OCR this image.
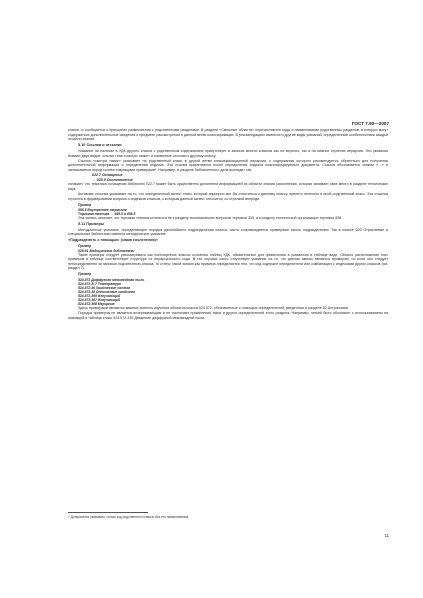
ГОСТ 7.90—2007

классе, и сообщается о принципах размножения с родственными разделами. В разделе «Смежные области» перечисляются коды и наименования родственных разделов, в которых могут содержаться дополнительные сведения о предмете рассмотрения в данной ветви классификации. В рекомендациях имеются и другие виды указаний, определенные особенностями каждой отрасли знания.

5.10 Ссылки и отсылки

Указание на наличие в УДК другого класса с родственным содержанием присутствует в записях многих классов как на верхних, так и на нижних ступенях иерархии. Эти указания бывают двух видов: ссылки типа «смотри также» и косвенные отсылки к другому классу.

Ссылка «смотри также» указывает на родственный класс в другой ветви классификационной иерархии, к содержанию которого рекомендуется обратиться для получения дополнительной информации и определения индекса. Эта ссылка применяется после определения индекса классифицируемого документа. Ссылка обозначается знаком «→» и записывается перед соответствующими примерами*. Например, в разделе библиотечного дела выглядит так:

022.7 Оснащение

→ 028.9 Соотношение

означает, что тематика оснащения библиотек 022.7 может быть существенно дополнена информацией из области знания (заполнения, которая занимает свое место в разделе технических наук.

Активная отсылка указывает на то, что определенный аспект темы, который априорно мог бы относиться к данному классу, принято отнесено в иной родственный класс. Эта отсылка строится в формировании вопроса и индексов классов, к которым данный аспект относится, со стрелкой впереди.

Пример

658.5 Внутреннее торговля

Торговая техника → 658.5 и 658.8

Эта запись означает, что торговая техника относится не к разделу экономических вопросов торговли 339, а к разделу технической организации торговли 658.

5.11 Примеры

Методическое указание, определяющее порядок дальнейшего подразделения класса, часто сопровождается примерами такого подразделения. Так в классе 026 Отраслевые и специальные библиотеки имеется методическое указание:

«Подразделять с помощью: (знака сочленения)»

Пример

026:61 Медицинские библиотеки

Такие примеры следует рассматривать как полноценные классы основных таблиц УДК, обязательные для применения в указанном в таблице виде. Обычно расположение этих примеров в таблице соответствует структуре их иерархического кода. В тех случаях часто отсутствует указание на то, что данное запись является примером, но если оно следует непосредственно за записью подчиненного класса, то статус такой записи как примера определяется тем, что код содержит определители или комбинацию с индексами других классов (см. раздел 7).

Пример

524.872 Диффузная межзвездная пыль

524.872.3/.7 Температура

524.872.36 Химические состав

524.872.38 Оптические свойства

524.872.365 Излучающий

524.872.367 Излучающий

524.872.368 Мерцание

Здесь примерами являются важные аспекты изучения объектов класса 524.572, обозначенные с помощью определителей, введенных в разделе 52 Астрономия.

Порядок примеров не является исчерпывающим и не исключает применения таких и других определителей этого раздела. Например, четкий быть обозначен с использованием на значащей в таблице класс 524.572-335 Движение диффузной межзвездной пыли.

¹⁾ Допускается указывать только код родственного класса, без его наименования.
11
